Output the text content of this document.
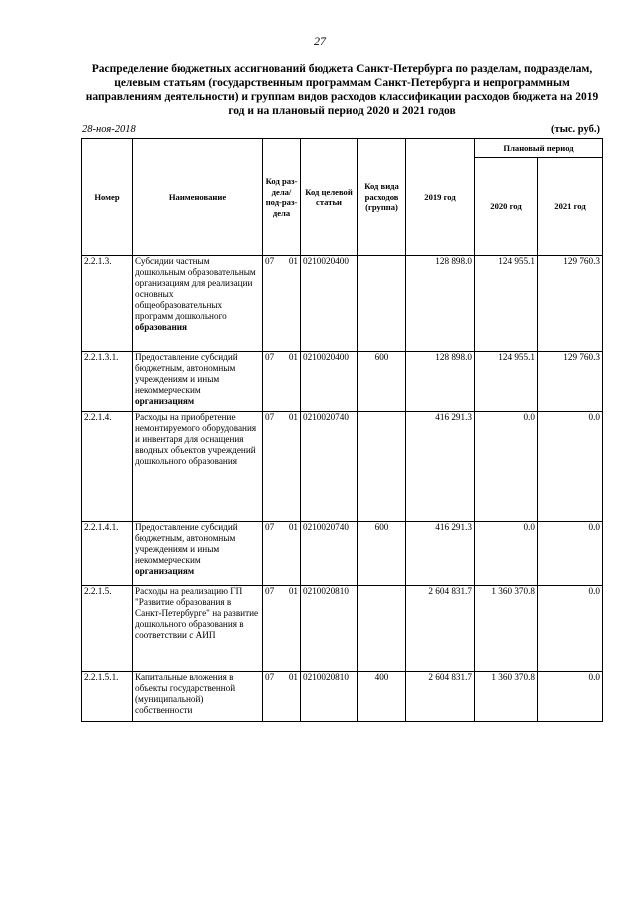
27
Распределение бюджетных ассигнований бюджета Санкт-Петербурга по разделам, подразделам, целевым статьям (государственным программам Санкт-Петербурга и непрограммным направлениям деятельности) и группам видов расходов классификации расходов бюджета на 2019 год и на плановый период 2020 и 2021 годов
28-ноя-2018	(тыс. руб.)
Номер	Наименование	Код раз-дела/ под-раз-дела	Код целевой статьи	Код вида расходов (группа)	2019 год	Плановый период	
						2020 год	2021 год
2.2.1.3.	Субсидии частным дошкольным образовательным организациям для реализации основных общеобразовательных программ дошкольного образования	07 01	0210020400		128 898.0	124 955.1	129 760.3
2.2.1.3.1.	Предоставление субсидий бюджетным, автономным учреждениям и иным некоммерческим организациям	07 01	0210020400	600	128 898.0	124 955.1	129 760.3
2.2.1.4.	Расходы на приобретение немонтируемого оборудования и инвентаря для оснащения вводных объектов учреждений дошкольного образования	07 01	0210020740		416 291.3	0.0	0.0
2.2.1.4.1.	Предоставление субсидий бюджетным, автономным учреждениям и иным некоммерческим организациям	07 01	0210020740	600	416 291.3	0.0	0.0
2.2.1.5.	Расходы на реализацию ГП "Развитие образования в Санкт-Петербурге" на развитие дошкольного образования в соответствии с АИП	07 01	0210020810		2 604 831.7	1 360 370.8	0.0
2.2.1.5.1.	Капитальные вложения в объекты государственной (муниципальной) собственности	07 01	0210020810	400	2 604 831.7	1 360 370.8	0.0
